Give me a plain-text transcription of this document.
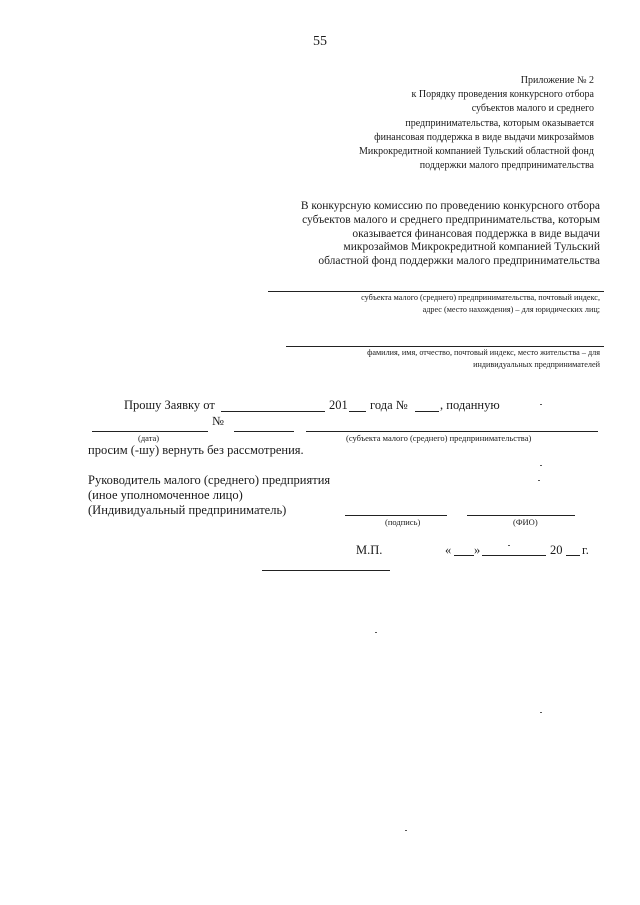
55
Приложение № 2
к Порядку проведения конкурсного отбора
субъектов малого и среднего
предпринимательства, которым оказывается
финансовая поддержка в виде выдачи микрозаймов
Микрокредитной компанией Тульский областной фонд
поддержки малого предпринимательства
В конкурсную комиссию по проведению конкурсного отбора
субъектов малого и среднего предпринимательства, которым
оказывается финансовая поддержка в виде выдачи
микрозаймов Микрокредитной компанией Тульский
областной фонд поддержки малого предпринимательства
субъекта малого (среднего) предпринимательства, почтовый индекс,
адрес (место нахождения) – для юридических лиц;
фамилия, имя, отчество, почтовый индекс, место жительства – для
индивидуальных предпринимателей
Прошу Заявку от	201 года №	, поданную
№
(дата)	(субъекта малого (среднего) предпринимательства)
просим (-шу) вернуть без рассмотрения.
Руководитель малого (среднего) предприятия
(иное уполномоченное лицо)
(Индивидуальный предприниматель)
(подпись)	(ФИО)
М.П.	« »	20 г.
